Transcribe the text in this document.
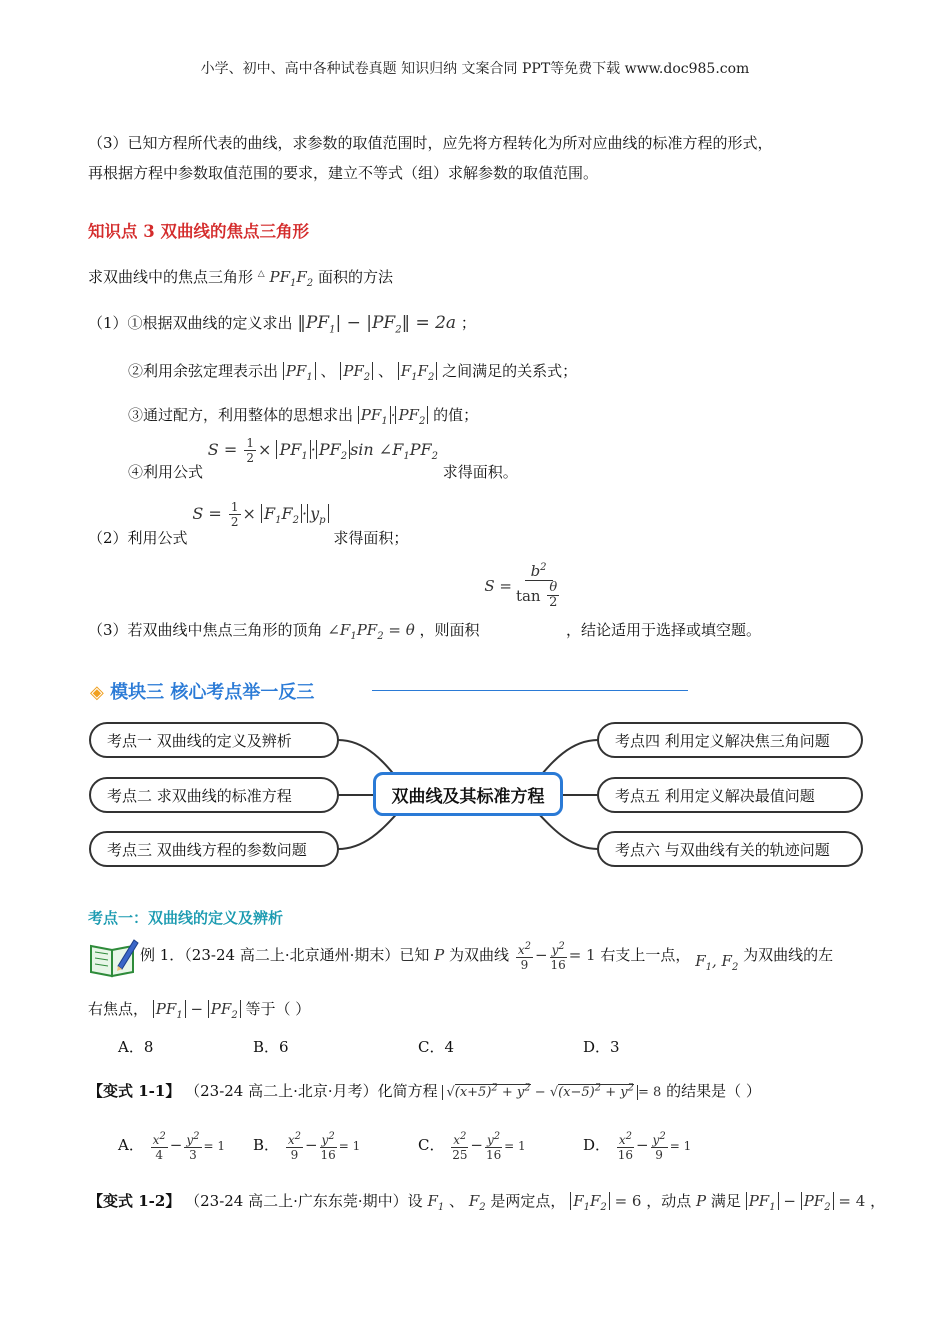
小学、初中、高中各种试卷真题 知识归纳 文案合同 PPT等免费下载 www.doc985.com
（3）已知方程所代表的曲线，求参数的取值范围时，应先将方程转化为所对应曲线的标准方程的形式，
再根据方程中参数取值范围的要求，建立不等式（组）求解参数的取值范围。
知识点 3 双曲线的焦点三角形
求双曲线中的焦点三角形 △ $PF_1F_2$ 面积的方法
（1）①根据双曲线的定义求出 $‖PF_1|$ − $|PF_2‖ = 2a$ ；
②利用余弦定理表示出 $PF_1$ 、 $PF_2$ 、 $F_1F_2$ 之间满足的关系式；
③通过配方，利用整体的思想求出 $PF_1 \cdot PF_2$ 的值；
④利用公式 $S = \frac{1}{2} \times PF_1 \cdot PF_2$ $\sin \angle F_1PF_2$ 求得面积。
（2）利用公式 $S = \frac{1}{2} \times F_1F_2 \cdot y_p$ 求得面积；
（3）若双曲线中焦点三角形的顶角 $\angle F_1PF_2 = \theta$ ，则面积 S =
$b^2$
tan
$\frac{\theta}{2}$
，结论适用于选择或填空题。
◈ 模块三 核心考点举一反三
考点一 双曲线的定义及辨析
考点二 求双曲线的标准方程
考点三 双曲线方程的参数问题
双曲线及其标准方程
考点四 利用定义解决焦三角问题
考点五 利用定义解决最值问题
考点六 与双曲线有关的轨迹问题
考点一：双曲线的定义及辨析
例 1．（23-24 高二上·北京通州·期末）已知 P 为双曲线 $\frac{x^2}{9} - \frac{y^2}{16} = 1$ 右支上一点， $F_1$, $F_2$ 为双曲线的左
右焦点， $PF_1 - PF_2$ 等于（ ）
A．8	B．6	C．4	D．3
【变式 1-1】 （23-24 高二上·北京·月考）化简方程 $√(x+5)^2 + y^2 - √(x-5)^2 + y^2 = 8$ 的结果是（ ）
A． $\frac{x^2}{4} - \frac{y^2}{3} = 1$ B． $\frac{x^2}{9} - \frac{y^2}{16} = 1$	C． $\frac{x^2}{25} - \frac{y^2}{16} = 1$	D． $\frac{x^2}{16} - \frac{y^2}{9} = 1$
【变式 1-2】 （23-24 高二上·广东东莞·期中）设 $F_1$ 、 $F_2$ 是两定点， $F_1F_2 = 6$ ，动点 P 满足 $PF_1 - PF_2 = 4$ ，
